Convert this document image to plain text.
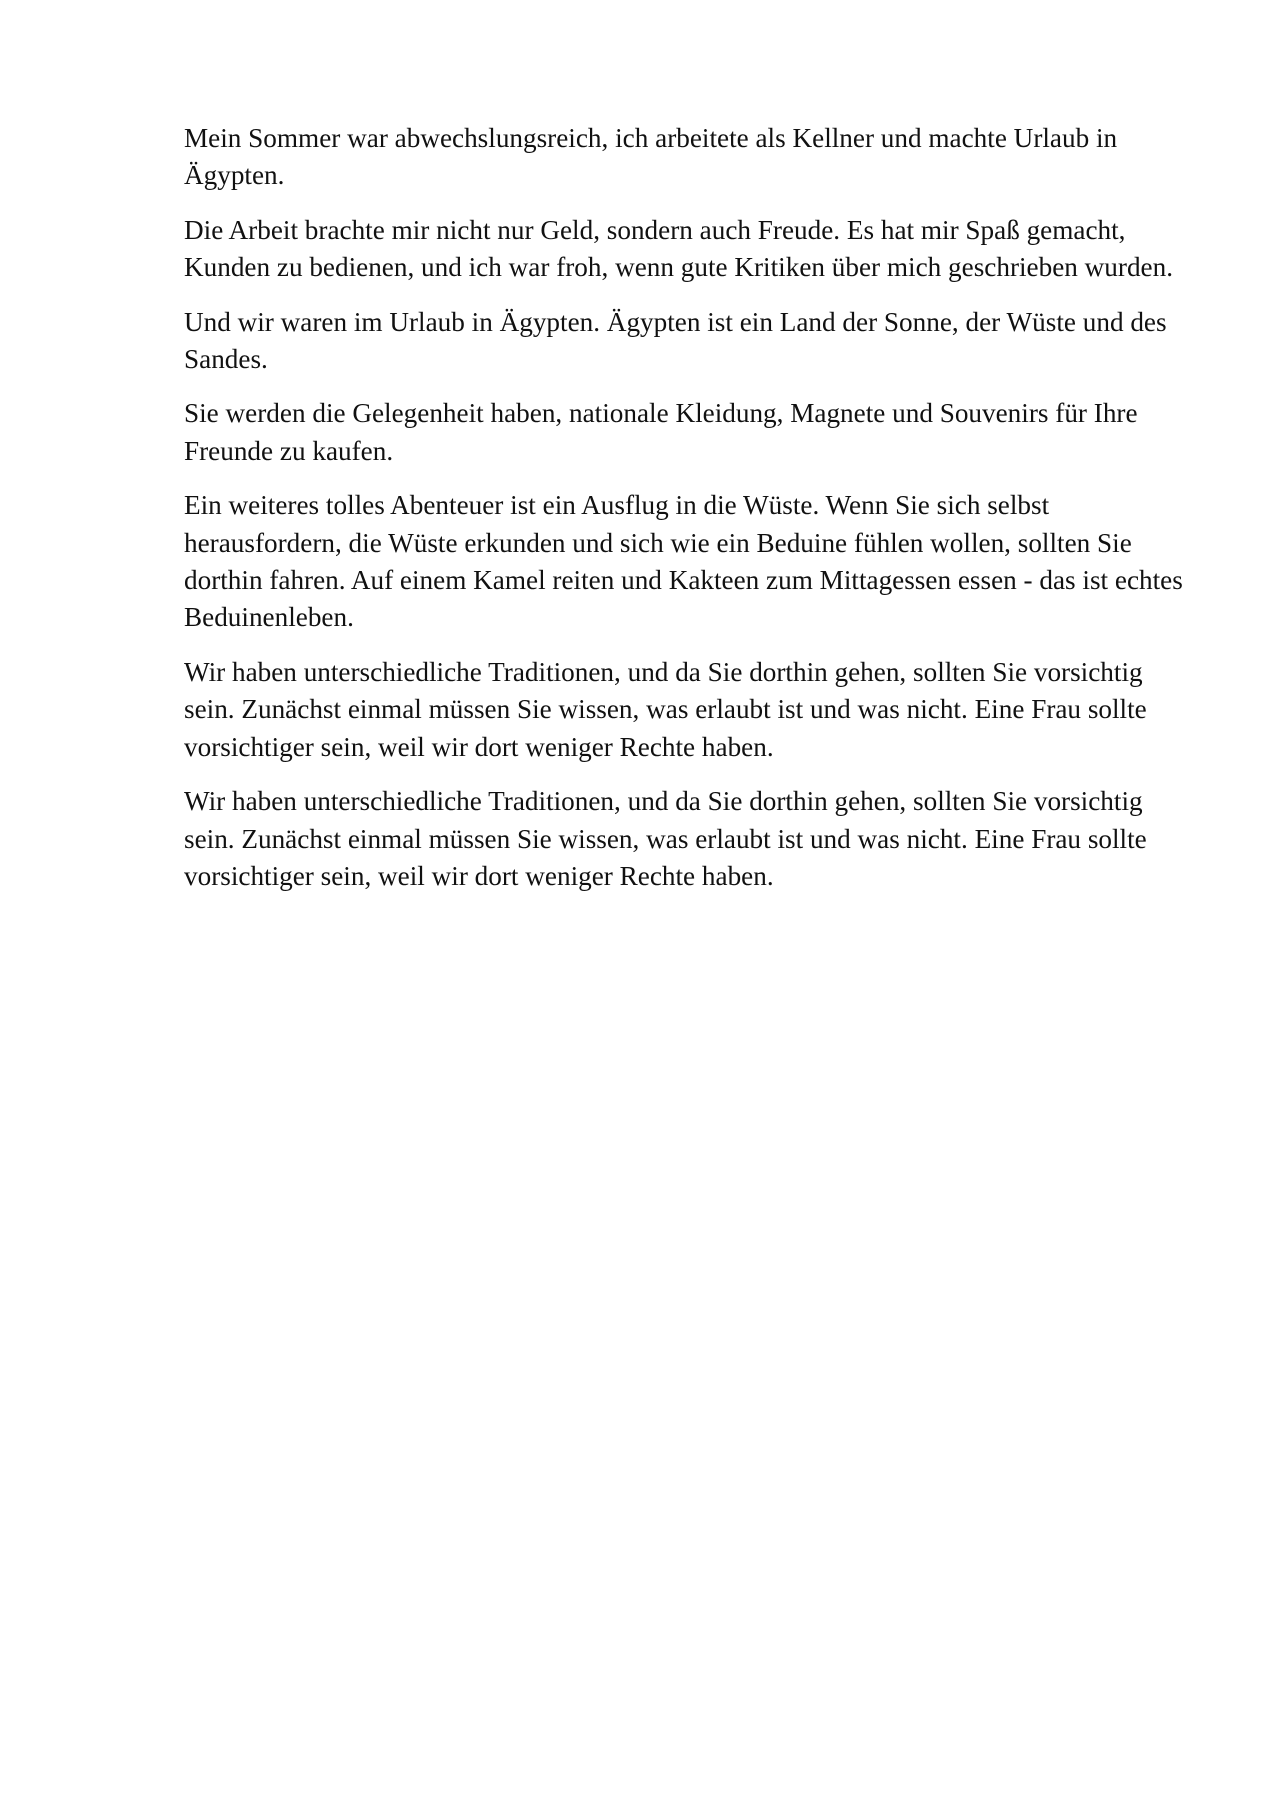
Mein Sommer war abwechslungsreich, ich arbeitete als Kellner und machte Urlaub in Ägypten.

Die Arbeit brachte mir nicht nur Geld, sondern auch Freude. Es hat mir Spaß gemacht, Kunden zu bedienen, und ich war froh, wenn gute Kritiken über mich geschrieben wurden.

Und wir waren im Urlaub in Ägypten. Ägypten ist ein Land der Sonne, der Wüste und des Sandes.

Sie werden die Gelegenheit haben, nationale Kleidung, Magnete und Souvenirs für Ihre Freunde zu kaufen.

Ein weiteres tolles Abenteuer ist ein Ausflug in die Wüste. Wenn Sie sich selbst herausfordern, die Wüste erkunden und sich wie ein Beduine fühlen wollen, sollten Sie dorthin fahren. Auf einem Kamel reiten und Kakteen zum Mittagessen essen - das ist echtes Beduinenleben.

Wir haben unterschiedliche Traditionen, und da Sie dorthin gehen, sollten Sie vorsichtig sein. Zunächst einmal müssen Sie wissen, was erlaubt ist und was nicht. Eine Frau sollte vorsichtiger sein, weil wir dort weniger Rechte haben.

Wir haben unterschiedliche Traditionen, und da Sie dorthin gehen, sollten Sie vorsichtig sein. Zunächst einmal müssen Sie wissen, was erlaubt ist und was nicht. Eine Frau sollte vorsichtiger sein, weil wir dort weniger Rechte haben.
